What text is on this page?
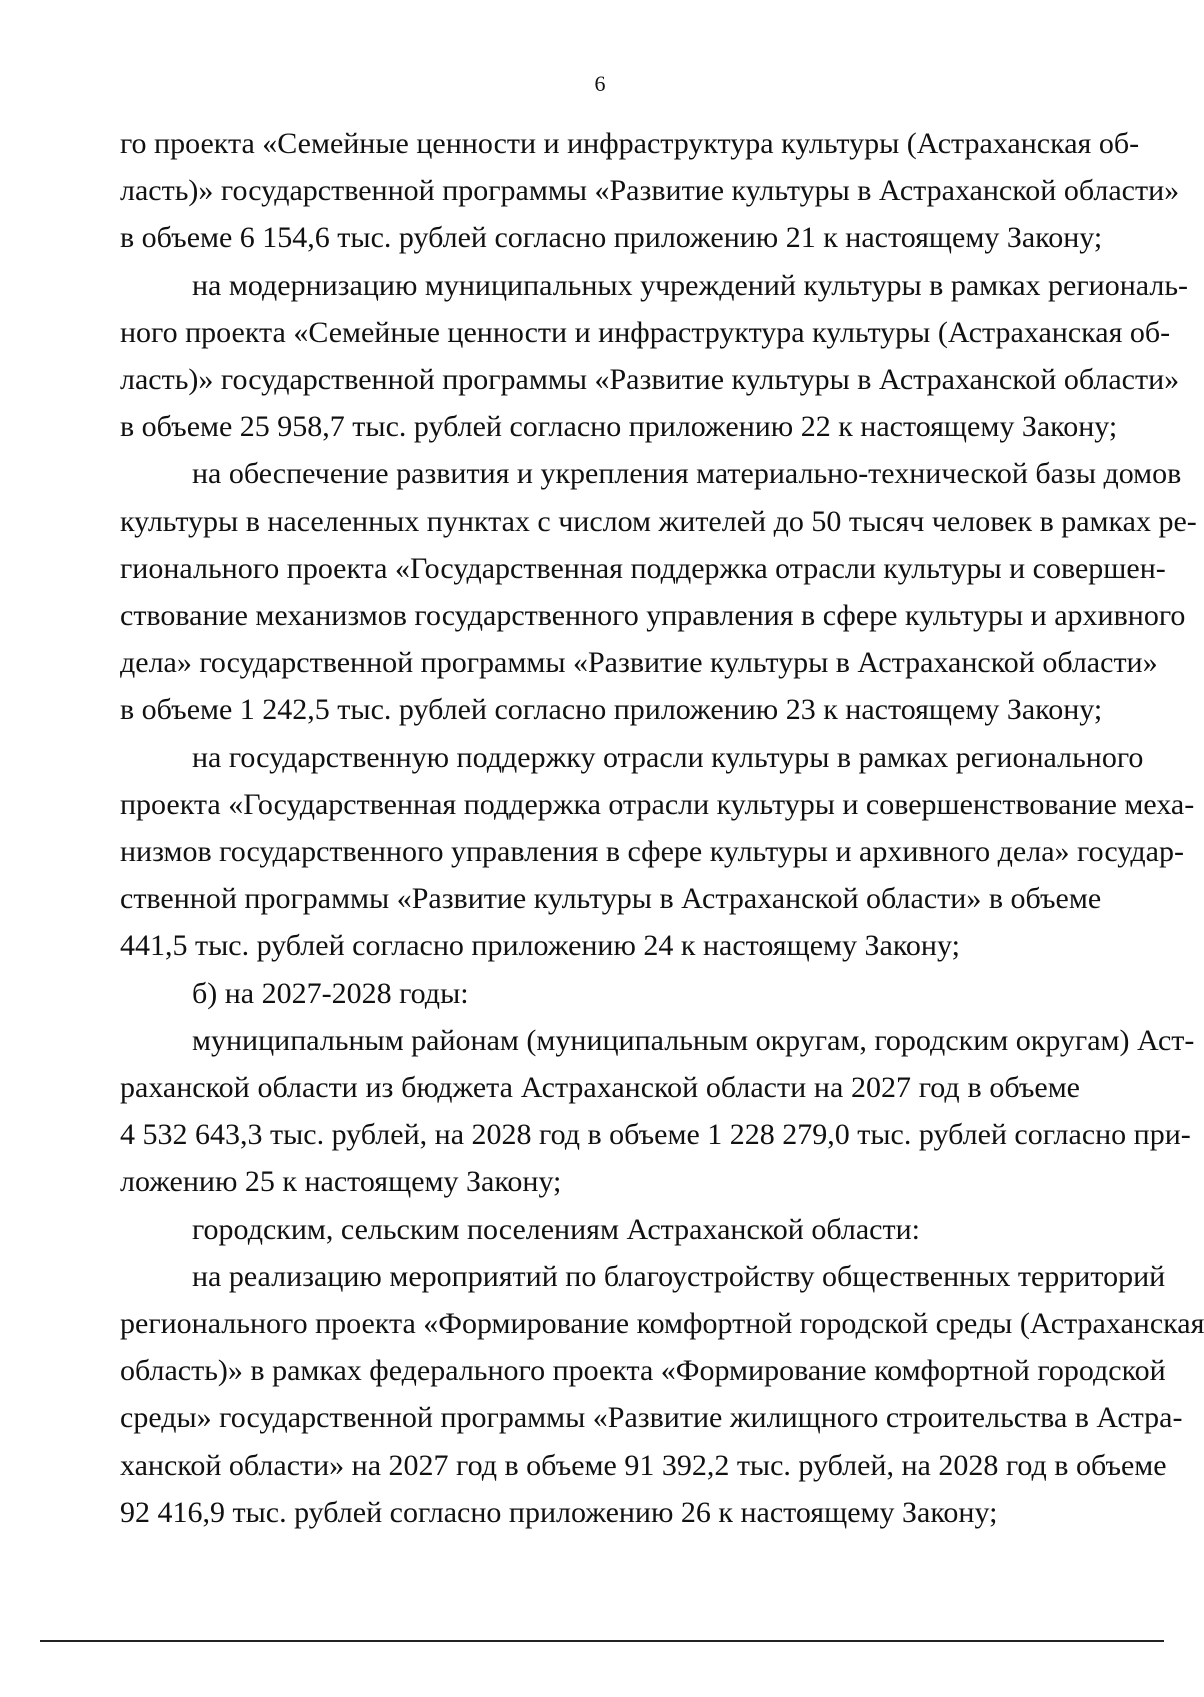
6
го проекта «Семейные ценности и инфраструктура культуры (Астраханская об-
ласть)» государственной программы «Развитие культуры в Астраханской области»
в объеме 6 154,6 тыс. рублей согласно приложению 21 к настоящему Закону;
на модернизацию муниципальных учреждений культуры в рамках региональ-
ного проекта «Семейные ценности и инфраструктура культуры (Астраханская об-
ласть)» государственной программы «Развитие культуры в Астраханской области»
в объеме 25 958,7 тыс. рублей согласно приложению 22 к настоящему Закону;
на обеспечение развития и укрепления материально-технической базы домов
культуры в населенных пунктах с числом жителей до 50 тысяч человек в рамках ре-
гионального проекта «Государственная поддержка отрасли культуры и совершен-
ствование механизмов государственного управления в сфере культуры и архивного
дела» государственной программы «Развитие культуры в Астраханской области»
в объеме 1 242,5 тыс. рублей согласно приложению 23 к настоящему Закону;
на государственную поддержку отрасли культуры в рамках регионального
проекта «Государственная поддержка отрасли культуры и совершенствование меха-
низмов государственного управления в сфере культуры и архивного дела» государ-
ственной программы «Развитие культуры в Астраханской области» в объеме
441,5 тыс. рублей согласно приложению 24 к настоящему Закону;
б) на 2027-2028 годы:
муниципальным районам (муниципальным округам, городским округам) Аст-
раханской области из бюджета Астраханской области на 2027 год в объеме
4 532 643,3 тыс. рублей, на 2028 год в объеме 1 228 279,0 тыс. рублей согласно при-
ложению 25 к настоящему Закону;
городским, сельским поселениям Астраханской области:
на реализацию мероприятий по благоустройству общественных территорий
регионального проекта «Формирование комфортной городской среды (Астраханская
область)» в рамках федерального проекта «Формирование комфортной городской
среды» государственной программы «Развитие жилищного строительства в Астра-
ханской области» на 2027 год в объеме 91 392,2 тыс. рублей, на 2028 год в объеме
92 416,9 тыс. рублей согласно приложению 26 к настоящему Закону;
